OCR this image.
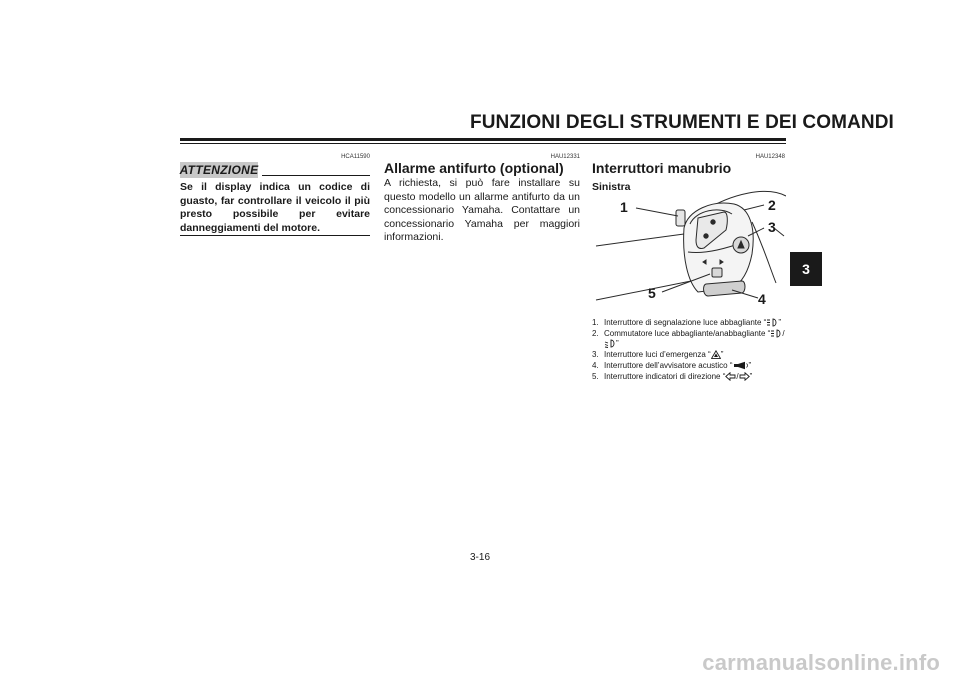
FUNZIONI DEGLI STRUMENTI E DEI COMANDI
3
HCA11590
ATTENZIONE
Se il display indica un codice di guasto, far controllare il veicolo il più presto possibile per evitare danneggiamenti del motore.
HAU12331
Allarme antifurto (optional)
A richiesta, si può fare installare su questo modello un allarme antifurto da un concessionario Yamaha. Contattare un concessionario Yamaha per maggiori informazioni.
HAU12348
Interruttori manubrio
Sinistra
1	2
3
4
5
1. Interruttore di segnalazione luce abbagliante “ ”
2. Commutatore luce abbagliante/anabbagliante “ /”
3. Interruttore luci d’emergenza “ ”
4. Interruttore dell’avvisatore acustico “ ”
5. Interruttore indicatori di direzione “ / ”
3-16
carmanualsonline.info
